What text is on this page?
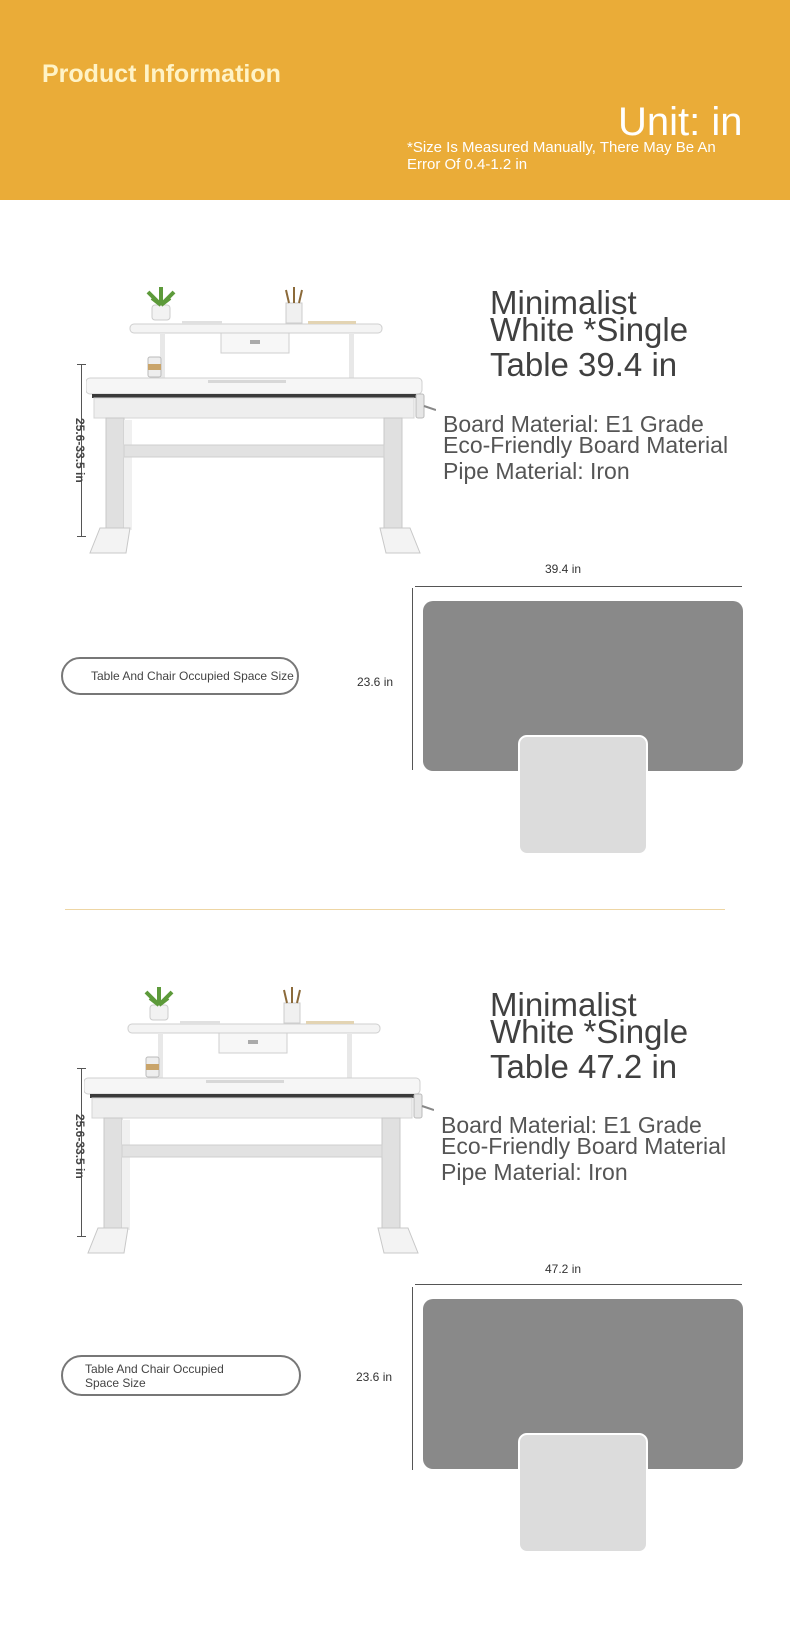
Product Information
Unit: in
*Size Is Measured Manually, There May Be An Error Of 0.4-1.2 in
25.6-33.5 in
Minimalist
White *Single
Table 39.4 in
Board Material: E1 Grade
Eco-Friendly Board Material
Pipe Material: Iron
39.4 in
23.6 in
Table And Chair Occupied Space Size
25.6-33.5 in
Minimalist
White *Single
Table 47.2 in
Board Material: E1 Grade
Eco-Friendly Board Material
Pipe Material: Iron
47.2 in
23.6 in
Table And Chair Occupied Space Size
